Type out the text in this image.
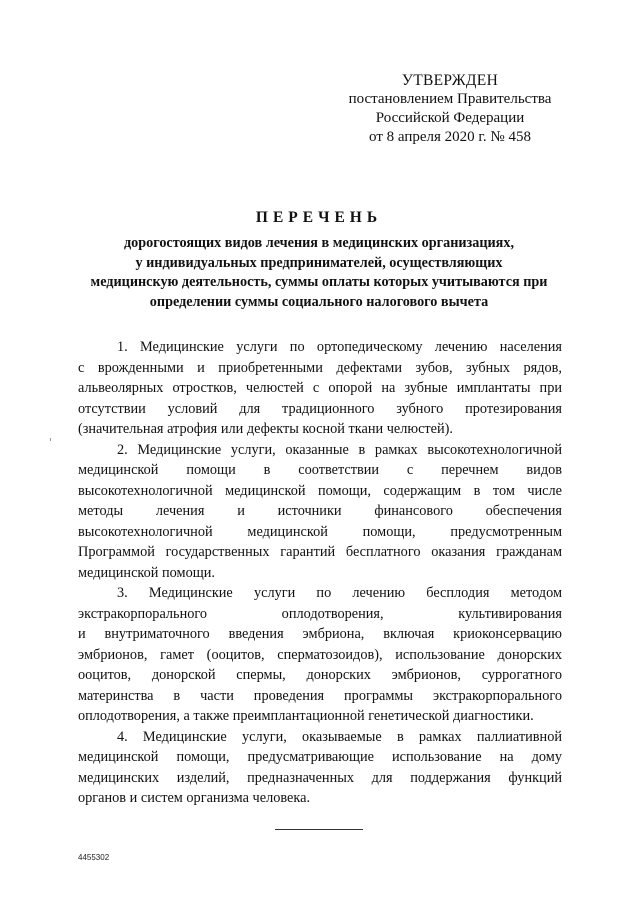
УТВЕРЖДЕН
постановлением Правительства
Российской Федерации
от 8 апреля 2020 г. № 458
ПЕРЕЧЕНЬ
дорогостоящих видов лечения в медицинских организациях,
у индивидуальных предпринимателей, осуществляющих
медицинскую деятельность, суммы оплаты которых учитываются при
определении суммы социального налогового вычета
1. Медицинские услуги по ортопедическому лечению населения
с врожденными и приобретенными дефектами зубов, зубных рядов,
альвеолярных отростков, челюстей с опорой на зубные имплантаты при
отсутствии условий для традиционного зубного протезирования
(значительная атрофия или дефекты косной ткани челюстей).
2. Медицинские услуги, оказанные в рамках высокотехнологичной
медицинской помощи в соответствии с перечнем видов
высокотехнологичной медицинской помощи, содержащим в том числе
методы лечения и источники финансового обеспечения
высокотехнологичной медицинской помощи, предусмотренным
Программой государственных гарантий бесплатного оказания гражданам
медицинской помощи.
3. Медицинские услуги по лечению бесплодия методом
экстракорпорального оплодотворения, культивирования
и внутриматочного введения эмбриона, включая криоконсервацию
эмбрионов, гамет (ооцитов, сперматозоидов), использование донорских
ооцитов, донорской спермы, донорских эмбрионов, суррогатного
материнства в части проведения программы экстракорпорального
оплодотворения, а также преимплантационной генетической диагностики.
4. Медицинские услуги, оказываемые в рамках паллиативной
медицинской помощи, предусматривающие использование на дому
медицинских изделий, предназначенных для поддержания функций
органов и систем организма человека.
4455302
